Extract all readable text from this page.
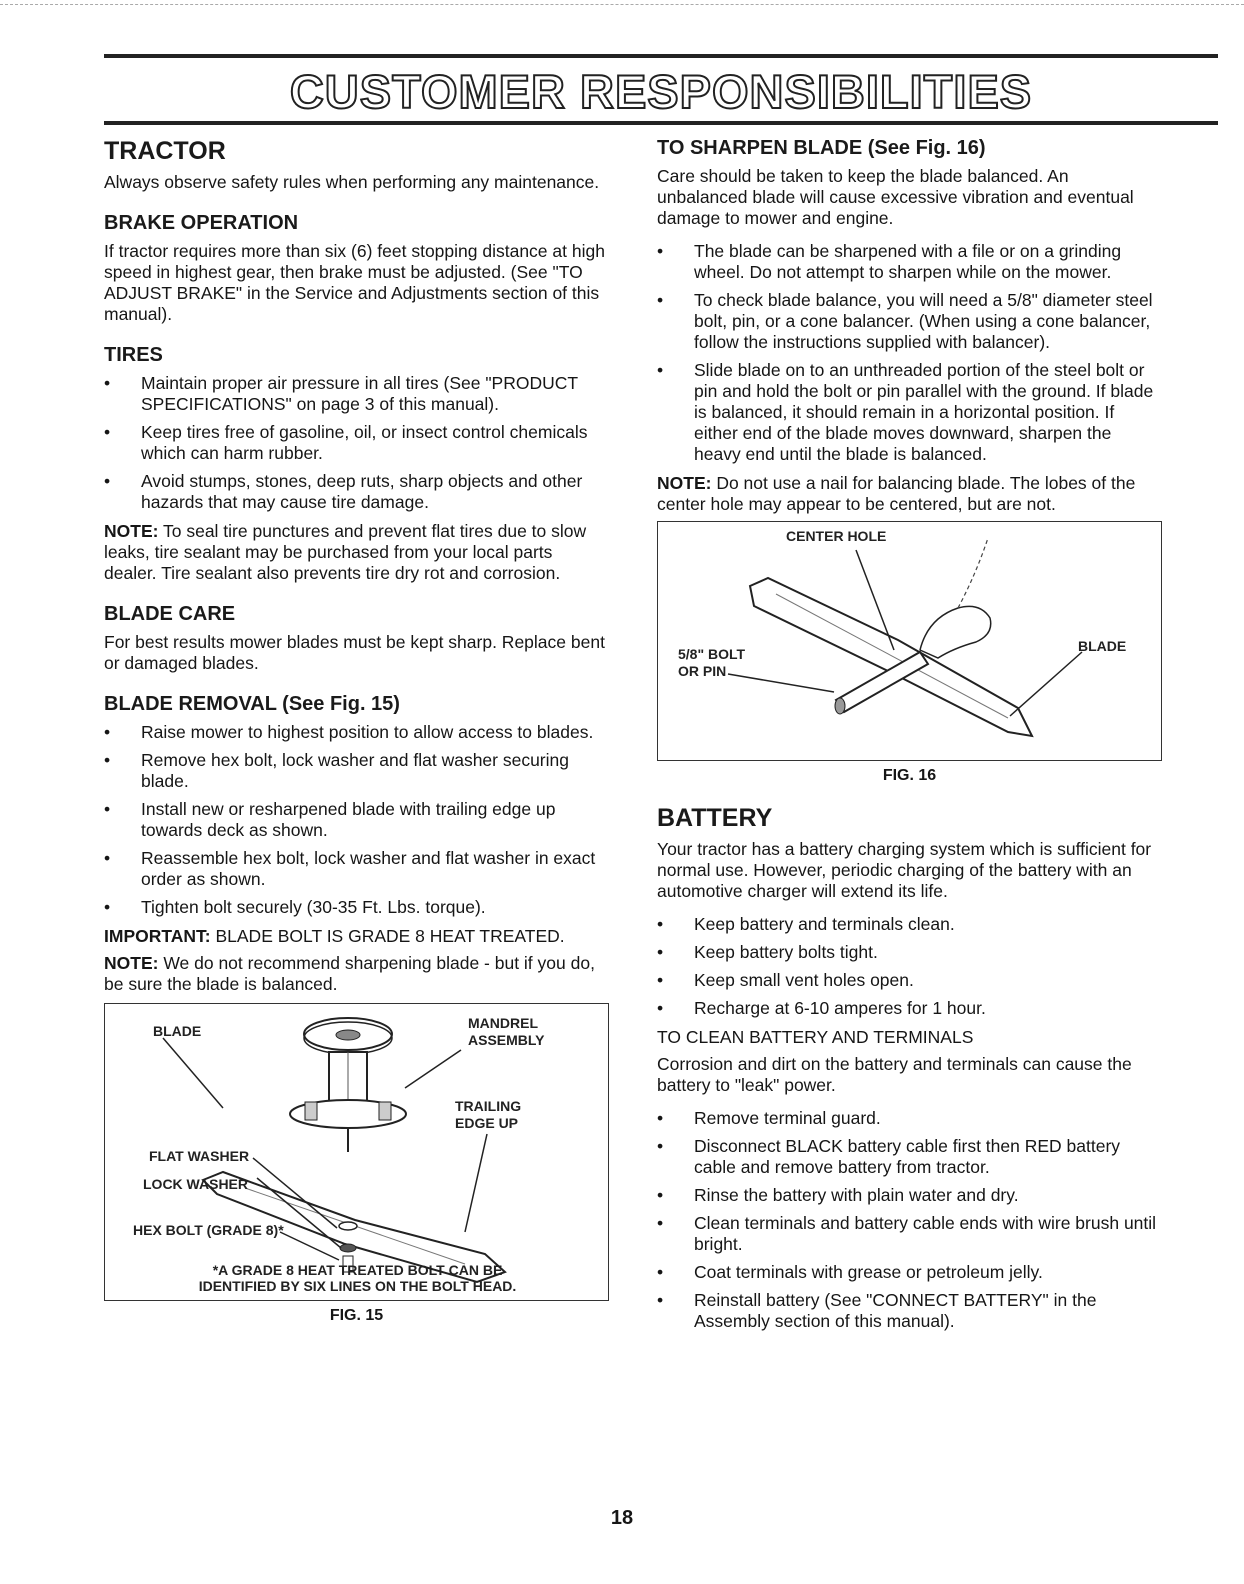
CUSTOMER RESPONSIBILITIES
TRACTOR

Always observe safety rules when performing any maintenance.

BRAKE OPERATION

If tractor requires more than six (6) feet stopping distance at high speed in highest gear, then brake must be adjusted. (See "TO ADJUST BRAKE" in the Service and Adjustments section of this manual).

TIRES
• Maintain proper air pressure in all tires (See "PRODUCT SPECIFICATIONS" on page 3 of this manual).
• Keep tires free of gasoline, oil, or insect control chemicals which can harm rubber.
• Avoid stumps, stones, deep ruts, sharp objects and other hazards that may cause tire damage.

NOTE: To seal tire punctures and prevent flat tires due to slow leaks, tire sealant may be purchased from your local parts dealer. Tire sealant also prevents tire dry rot and corrosion.

BLADE CARE

For best results mower blades must be kept sharp. Replace bent or damaged blades.

BLADE REMOVAL (See Fig. 15)
• Raise mower to highest position to allow access to blades.
• Remove hex bolt, lock washer and flat washer securing blade.
• Install new or resharpened blade with trailing edge up towards deck as shown.
• Reassemble hex bolt, lock washer and flat washer in exact order as shown.
• Tighten bolt securely (30-35 Ft. Lbs. torque).

IMPORTANT: BLADE BOLT IS GRADE 8 HEAT TREATED.

NOTE: We do not recommend sharpening blade - but if you do, be sure the blade is balanced.

BLADE	MANDREL
ASSEMBLY
TRAILING
EDGE UP
FLAT WASHER
LOCK WASHER
HEX BOLT (GRADE 8)*
*A GRADE 8 HEAT TREATED BOLT CAN BE
IDENTIFIED BY SIX LINES ON THE BOLT HEAD.
FIG. 15
TO SHARPEN BLADE (See Fig. 16)

Care should be taken to keep the blade balanced. An unbalanced blade will cause excessive vibration and eventual damage to mower and engine.

• The blade can be sharpened with a file or on a grinding wheel. Do not attempt to sharpen while on the mower.
• To check blade balance, you will need a 5/8" diameter steel bolt, pin, or a cone balancer. (When using a cone balancer, follow the instructions supplied with balancer).
• Slide blade on to an unthreaded portion of the steel bolt or pin and hold the bolt or pin parallel with the ground. If blade is balanced, it should remain in a horizontal position. If either end of the blade moves downward, sharpen the heavy end until the blade is balanced.

NOTE: Do not use a nail for balancing blade. The lobes of the center hole may appear to be centered, but are not.

CENTER HOLE
5/8" BOLT
OR PIN
BLADE
FIG. 16
BATTERY

Your tractor has a battery charging system which is sufficient for normal use. However, periodic charging of the battery with an automotive charger will extend its life.

• Keep battery and terminals clean.
• Keep battery bolts tight.
• Keep small vent holes open.
• Recharge at 6-10 amperes for 1 hour.

TO CLEAN BATTERY AND TERMINALS

Corrosion and dirt on the battery and terminals can cause the battery to "leak" power.

• Remove terminal guard.
• Disconnect BLACK battery cable first then RED battery cable and remove battery from tractor.
• Rinse the battery with plain water and dry.
• Clean terminals and battery cable ends with wire brush until bright.
• Coat terminals with grease or petroleum jelly.
• Reinstall battery (See "CONNECT BATTERY" in the Assembly section of this manual).
18
